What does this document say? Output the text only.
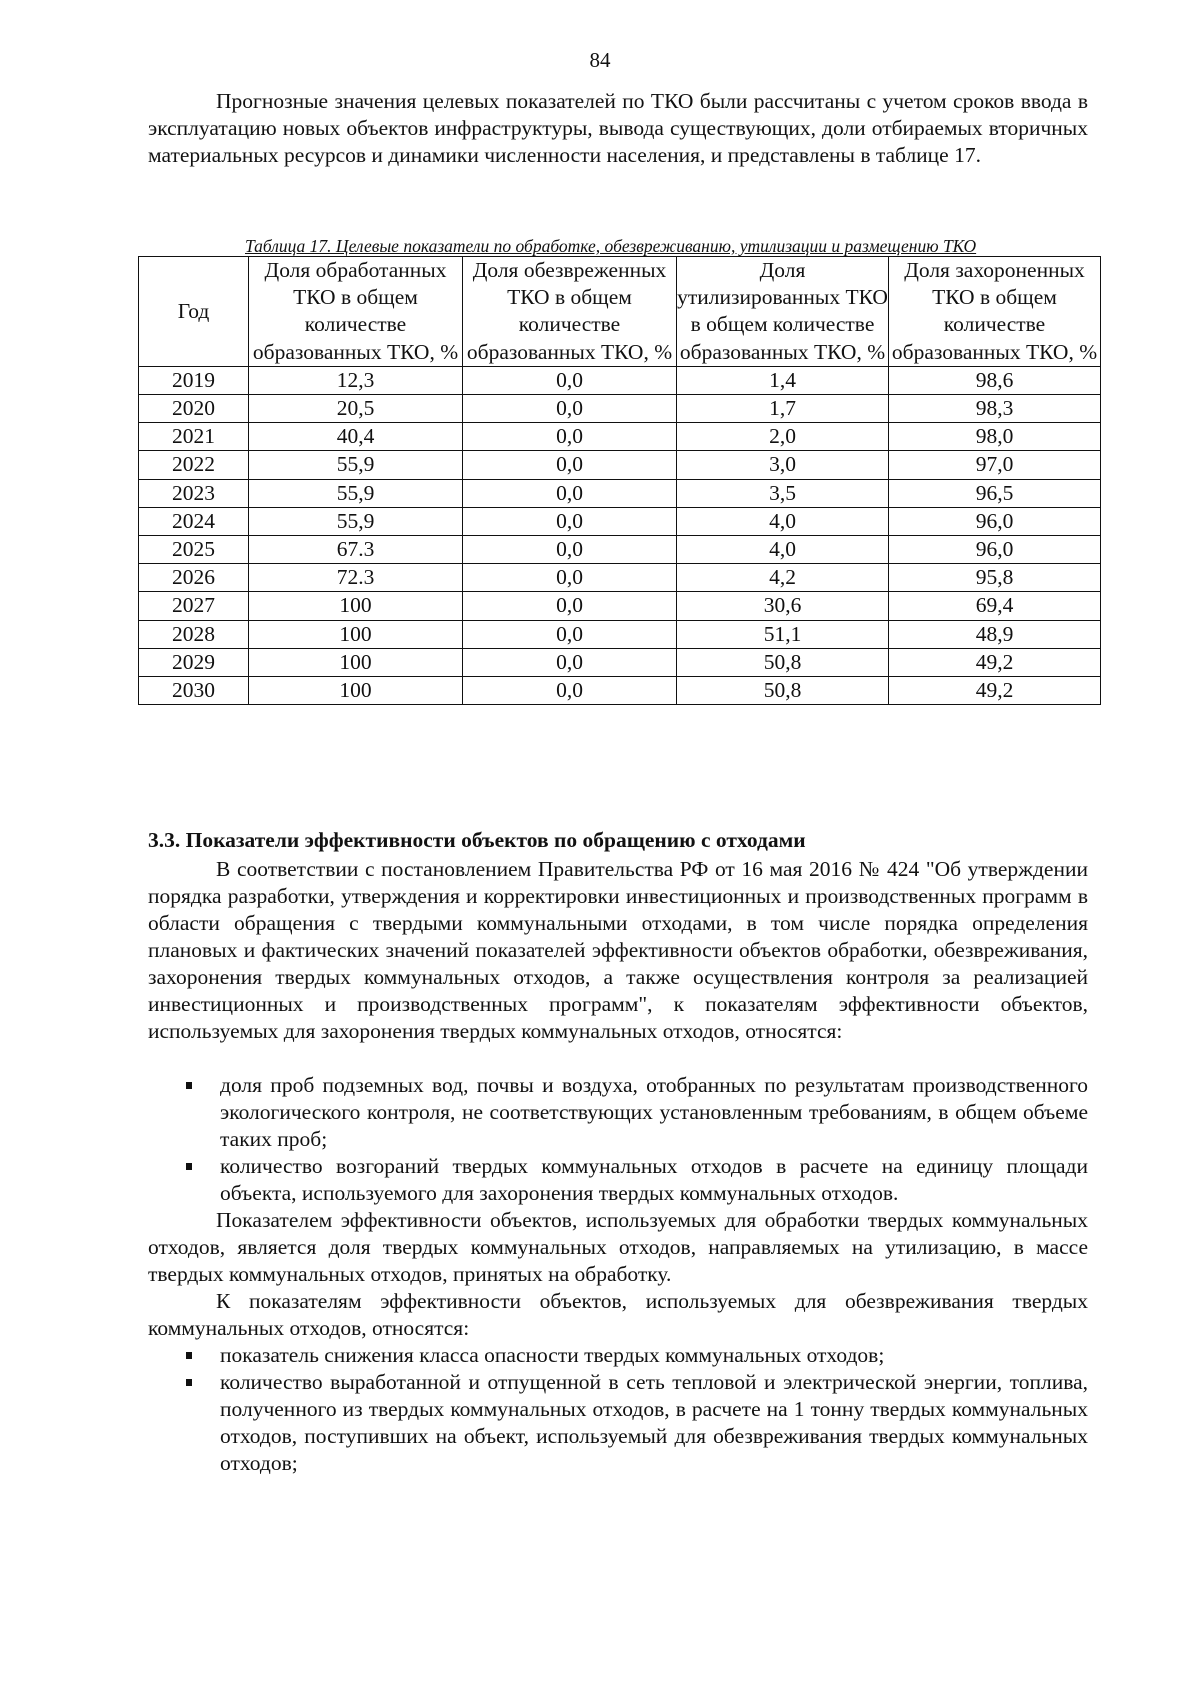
84

Прогнозные значения целевых показателей по ТКО были рассчитаны с учетом сроков ввода в эксплуатацию новых объектов инфраструктуры, вывода существующих, доли отбираемых вторичных материальных ресурсов и динамики численности населения, и представлены в таблице 17.

Таблица 17. Целевые показатели по обработке, обезвреживанию, утилизации и размещению ТКО
Год	Доля обработанных ТКО в общем количестве образованных ТКО, %	Доля обезвреженных ТКО в общем количестве образованных ТКО, %	Доля утилизированных ТКО в общем количестве образованных ТКО, %	Доля захороненных ТКО в общем количестве образованных ТКО, %
2019	12,3	0,0	1,4	98,6
2020	20,5	0,0	1,7	98,3
2021	40,4	0,0	2,0	98,0
2022	55,9	0,0	3,0	97,0
2023	55,9	0,0	3,5	96,5
2024	55,9	0,0	4,0	96,0
2025	67.3	0,0	4,0	96,0
2026	72.3	0,0	4,2	95,8
2027	100	0,0	30,6	69,4
2028	100	0,0	51,1	48,9
2029	100	0,0	50,8	49,2
2030	100	0,0	50,8	49,2
3.3. Показатели эффективности объектов по обращению с отходами

В соответствии с постановлением Правительства РФ от 16 мая 2016 № 424 "Об утверждении порядка разработки, утверждения и корректировки инвестиционных и производственных программ в области обращения с твердыми коммунальными отходами, в том числе порядка определения плановых и фактических значений показателей эффективности объектов обработки, обезвреживания, захоронения твердых коммунальных отходов, а также осуществления контроля за реализацией инвестиционных и производственных программ", к показателям эффективности объектов, используемых для захоронения твердых коммунальных отходов, относятся:

доля проб подземных вод, почвы и воздуха, отобранных по результатам производственного экологического контроля, не соответствующих установленным требованиям, в общем объеме таких проб;
количество возгораний твердых коммунальных отходов в расчете на единицу площади объекта, используемого для захоронения твердых коммунальных отходов.

Показателем эффективности объектов, используемых для обработки твердых коммунальных отходов, является доля твердых коммунальных отходов, направляемых на утилизацию, в массе твердых коммунальных отходов, принятых на обработку.

К показателям эффективности объектов, используемых для обезвреживания твердых коммунальных отходов, относятся:

показатель снижения класса опасности твердых коммунальных отходов;
количество выработанной и отпущенной в сеть тепловой и электрической энергии, топлива, полученного из твердых коммунальных отходов, в расчете на 1 тонну твердых коммунальных отходов, поступивших на объект, используемый для обезвреживания твердых коммунальных отходов;
